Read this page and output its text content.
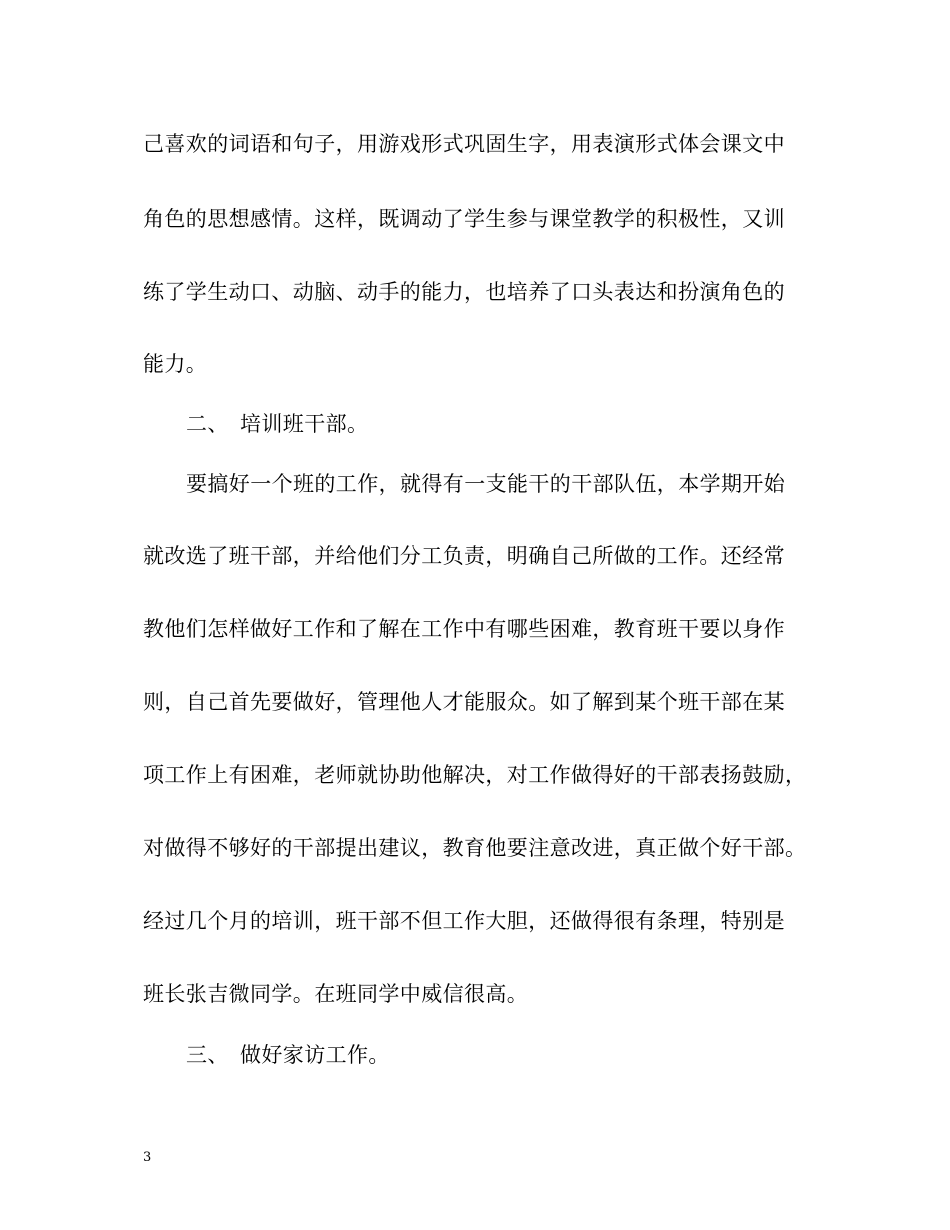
己喜欢的词语和句子，用游戏形式巩固生字，用表演形式体会课文中
角色的思想感情。这样，既调动了学生参与课堂教学的积极性，又训
练了学生动口、动脑、动手的能力，也培养了口头表达和扮演角色的
能力。
二、 培训班干部。
要搞好一个班的工作，就得有一支能干的干部队伍，本学期开始
就改选了班干部，并给他们分工负责，明确自己所做的工作。还经常
教他们怎样做好工作和了解在工作中有哪些困难，教育班干要以身作
则，自己首先要做好，管理他人才能服众。如了解到某个班干部在某
项工作上有困难，老师就协助他解决，对工作做得好的干部表扬鼓励，
对做得不够好的干部提出建议，教育他要注意改进，真正做个好干部。
经过几个月的培训，班干部不但工作大胆，还做得很有条理，特别是
班长张吉微同学。在班同学中威信很高。
三、 做好家访工作。
3
